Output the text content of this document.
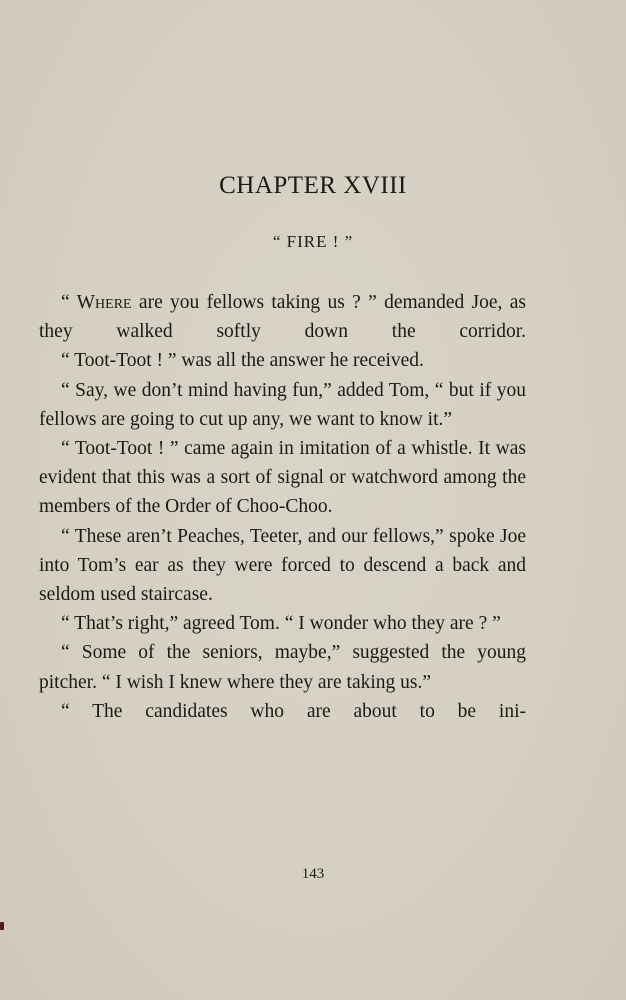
CHAPTER XVIII
“ FIRE ! ”

“ Where are you fellows taking us ? ” demanded Joe, as they walked softly down the corridor.

“ Toot-Toot ! ” was all the answer he received.

“ Say, we don’t mind having fun,” added Tom, “ but if you fellows are going to cut up any, we want to know it.”

“ Toot-Toot ! ” came again in imitation of a whistle. It was evident that this was a sort of signal or watchword among the members of the Order of Choo-Choo.

“ These aren’t Peaches, Teeter, and our fellows,” spoke Joe into Tom’s ear as they were forced to descend a back and seldom used staircase.

“ That’s right,” agreed Tom. “ I wonder who they are ? ”

“ Some of the seniors, maybe,” suggested the young pitcher. “ I wish I knew where they are taking us.”

“ The candidates who are about to be ini-

143
